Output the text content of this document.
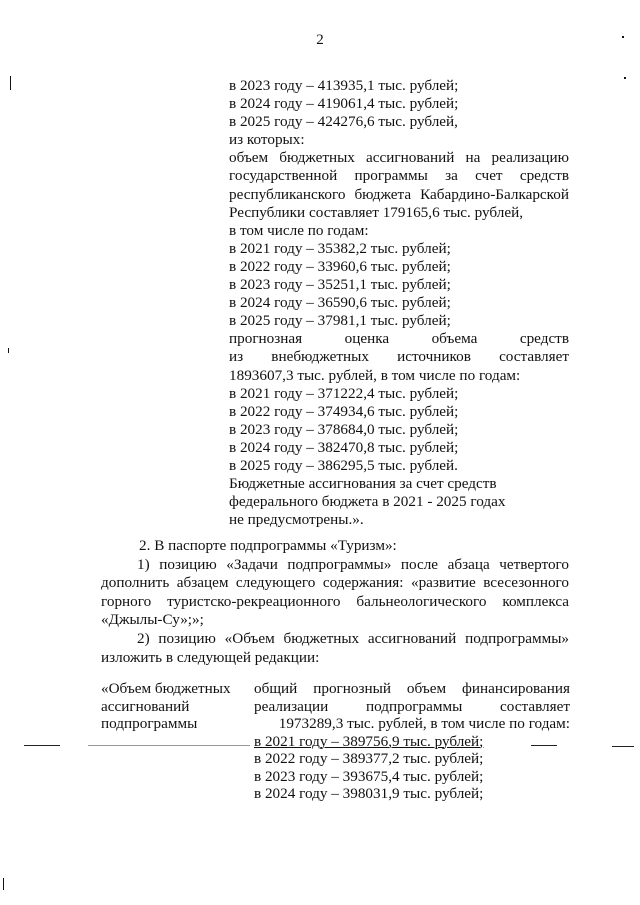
2
в 2023 году – 413935,1 тыс. рублей;
в 2024 году – 419061,4 тыс. рублей;
в 2025 году – 424276,6 тыс. рублей,
из которых:
объем бюджетных ассигнований на реализацию
государственной программы за счет средств
республиканского бюджета Кабардино-Балкарской
Республики составляет 179165,6 тыс. рублей,
в том числе по годам:
в 2021 году – 35382,2 тыс. рублей;
в 2022 году – 33960,6 тыс. рублей;
в 2023 году – 35251,1 тыс. рублей;
в 2024 году – 36590,6 тыс. рублей;
в 2025 году – 37981,1 тыс. рублей;
прогнозная оценка объема средств
из внебюджетных источников составляет
1893607,3 тыс. рублей, в том числе по годам:
в 2021 году – 371222,4 тыс. рублей;
в 2022 году – 374934,6 тыс. рублей;
в 2023 году – 378684,0 тыс. рублей;
в 2024 году – 382470,8 тыс. рублей;
в 2025 году – 386295,5 тыс. рублей.
Бюджетные ассигнования за счет средств
федерального бюджета в 2021 - 2025 годах
не предусмотрены.».
2. В паспорте подпрограммы «Туризм»:
1) позицию «Задачи подпрограммы» после абзаца четвертого
дополнить абзацем следующего содержания: «развитие всесезонного
горного туристско-рекреационного бальнеологического комплекса
«Джылы-Су»;»;
2) позицию «Объем бюджетных ассигнований подпрограммы»
изложить в следующей редакции:
«Объем бюджетных
ассигнований
подпрограммы
общий прогнозный объем финансирования
реализации подпрограммы составляет
1973289,3 тыс. рублей, в том числе по годам:
в 2021 году – 389756,9 тыс. рублей;
в 2022 году – 389377,2 тыс. рублей;
в 2023 году – 393675,4 тыс. рублей;
в 2024 году – 398031,9 тыс. рублей;
